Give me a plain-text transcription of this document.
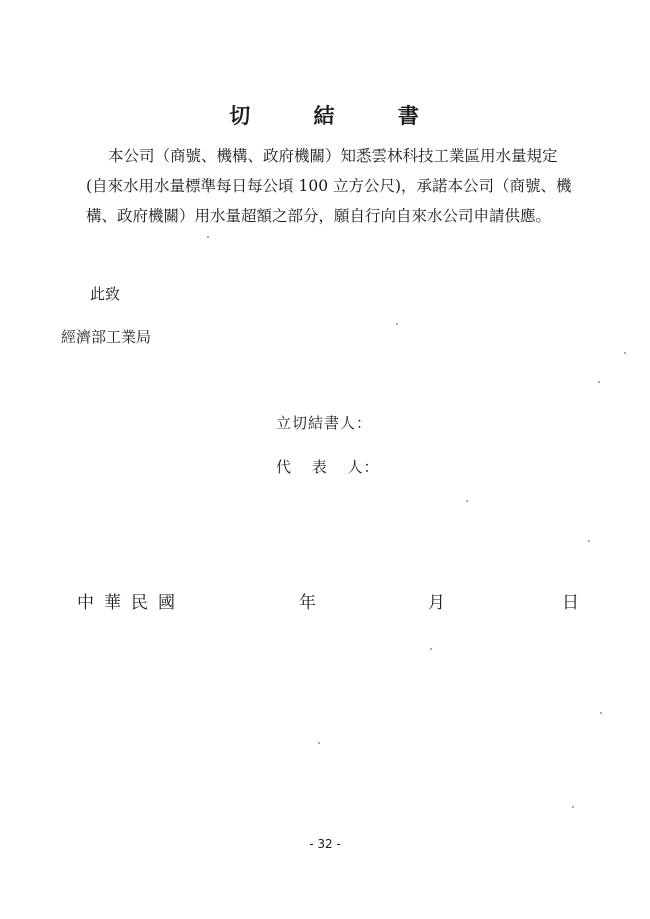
切	結	書
本公司（商號、機構、政府機關）知悉雲林科技工業區用水量規定
(自來水用水量標準每日每公頃 100 立方公尺)，承諾本公司（商號、機
構、政府機關）用水量超額之部分，願自行向自來水公司申請供應。
此致
經濟部工業局
立切結書人：
代 表 人：
中華民國	年	月	日
- 32 -
